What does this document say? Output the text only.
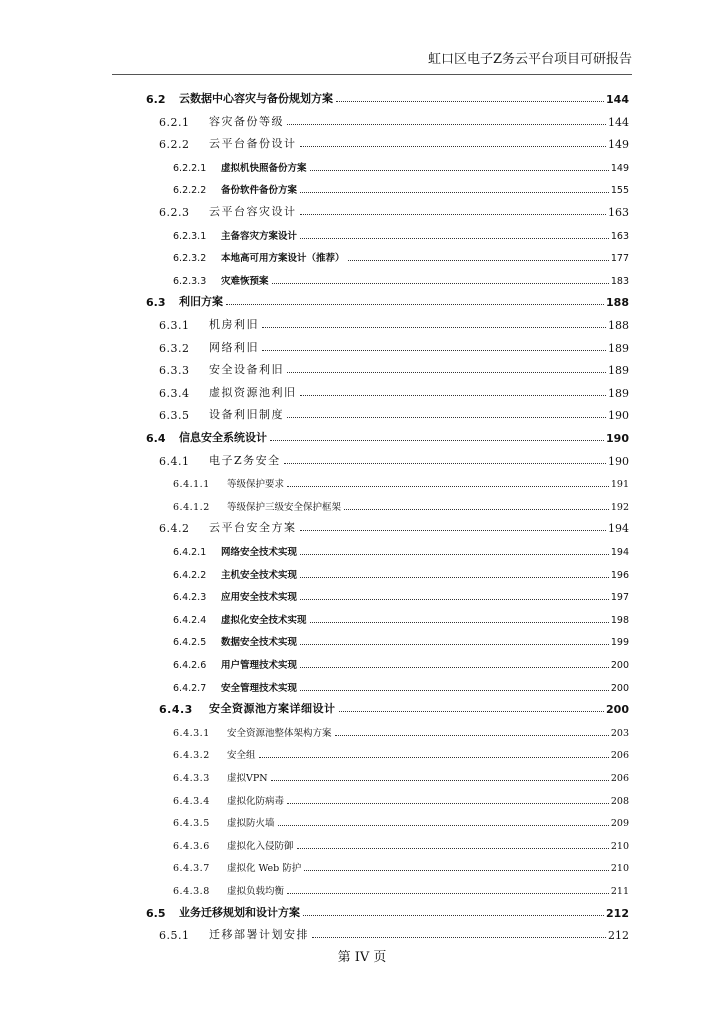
虹口区电子Z务云平台项目可研报告
6.2	云数据中心容灾与备份规划方案	144
6.2.1	容灾备份等级	144
6.2.2	云平台备份设计	149
6.2.2.1	虚拟机快照备份方案	149
6.2.2.2	备份软件备份方案	155
6.2.3	云平台容灾设计	163
6.2.3.1	主备容灾方案设计	163
6.2.3.2	本地高可用方案设计（推荐）	177
6.2.3.3	灾难恢预案	183
6.3	利旧方案	188
6.3.1	机房利旧	188
6.3.2	网络利旧	189
6.3.3	安全设备利旧	189
6.3.4	虚拟资源池利旧	189
6.3.5	设备利旧制度	190
6.4	信息安全系统设计	190
6.4.1	电子Z务安全	190
6.4.1.1	等级保护要求	191
6.4.1.2	等级保护三级安全保护框架	192
6.4.2	云平台安全方案	194
6.4.2.1	网络安全技术实现	194
6.4.2.2	主机安全技术实现	196
6.4.2.3	应用安全技术实现	197
6.4.2.4	虚拟化安全技术实现	198
6.4.2.5	数据安全技术实现	199
6.4.2.6	用户管理技术实现	200
6.4.2.7	安全管理技术实现	200
6.4.3	安全资源池方案详细设计	200
6.4.3.1	安全资源池整体架构方案	203
6.4.3.2	安全组	206
6.4.3.3	虚拟VPN	206
6.4.3.4	虚拟化防病毒	208
6.4.3.5	虚拟防火墙	209
6.4.3.6	虚拟化入侵防御	210
6.4.3.7	虚拟化 Web 防护	210
6.4.3.8	虚拟负载均衡	211
6.5	业务迁移规划和设计方案	212
6.5.1	迁移部署计划安排	212
第 IV 页
